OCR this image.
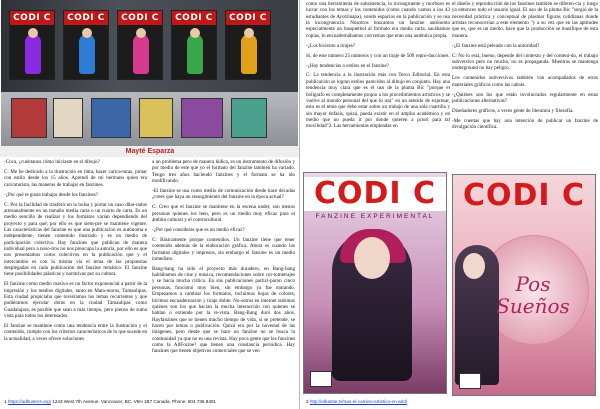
CODI C	CODI C	CODI C	CODI C	CODI C
Mayté Esparza

-Coca, ¿cuéntanos cómo iniciaste en el dibujo?

C: Me he dedicado a la ilustración en tinta, hacer carica-turas, pintar con estilo desde los 15 años. Aprendí de mi hermano quien era caricaturista, las maneras de trabajar en fanzines.

-¿Por qué te gusta trabajar desde los fanzines?

C: Por la facilidad de trasferir en la bolsa y portar un caso dibu-rados artesanalmente en un tamaño media carta o un cuarto de carta. Es un medio sencillo de realizar y los formatos varían dependiendo del proyecto y para qué; por ello es que siem-pre se mantiene vigente. Las características del fanzine es que una publicación es autónoma e independiente, tienen contenido ilustrado y es un medio de participación colectiva. Hay fanzines que publican de manera individual pero a noso-tros no nos preocupa la autoría, por ello es que nos presentamos como colectivos en la publicación que y el intercambio es con la misma vía el tema de las propuestas desplegadas en cada publicación del fanzine temático. El fanzine tiene posibilidades plásticas y narrativas por su cultura.

El fanzine como medio masivo es un factor exponencial a partir de la impresión y los medios digitales, tanto en Mata-moros, Tamaulipas. Esta ciudad propiciaba que tuviéramos los temas recurrentes y que pudiéramos ejecutar obras en la ciudad Tamaulipas como Guadalajara, es posible que sean a más tiempo, pero pienso de suma vista para todos los interesados.

El fanzine se mantiene como una tendencia entre la ilustración y el contenido, cumple con los criterios característicos de lo que sucede en la actualidad, a veces ofrece soluciones

a un problema pero de manera lúdica, es un instrumento de difusión y por medio de este que yo el formato del fanzine también ha variado. Tengo tres años haciendo fanzines y el formato se ha ido modificando.

-El fanzine se usa como medio de comunicación desde hace décadas ¿crees que haya un resurgimiento del fanzine en la época actual?

C: Creo que el fanzine se mantiene en la escena under, son menos personas quienes los leen, pero es un medio muy eficaz para el ámbito cultural y el contracultural.

-¿Por qué consideras que es un medio eficaz?

C: Básicamente porque contenidos. Un fanzine tiene que tener contenido además de la elaboración gráfica. Ahora es cuando los formatos digitales y impresos, sin embargo el fanzine es un medio inmediato.

Bang-bang ha sido el proyecto más duradero, en Bang-bang hablábamos de cine y música, recomendaciones sobre cor-tometrajes y se hacía mucha crítica. En sus publicaciones partici-paron cinco personas, funcionó muy bien, sin embargo ya fue mutando. Empezamos a cambiar los formatos, incluimos hojas de colores, hicimos encuadernación y tiraje doble. No-sotros en internet subimos quiénes son los que hacían la mucha interacción con quienes se hablan o extiende por la re-vista. Bang-Bang duró dos años. Hayfanzines que se tienen mucho tiempo de vida, si se pretende, se hacen por temas o publicación. Quizá era por la novedad de las imágenes, pero desde que se hace un fanzine no se busca la continuidad ya que no es una revista. Hay poca gente que les fanzines como la AllFozine? que tienen una constancia periódica. Hay fanzines que tienen objetivos comerciales que se ven

1 https://adbusters.org/ 1243 West 7th Avenue. Vancouver, BC. V6H 1B7 Canada. Phone: 604.736.9401

como una herramienta de subsistencia, lo incongruente y morboso es lucrar con los temas y los contenidos (como cuando vamos a los 43 estudiantes de Ayotzinapa), vendo espacios en la publicación y se usa la incongruencia. Nosotros buscamos un fanzine autónomo especialmente un basquetbol al formato era media carta, sacábamos copias, lo encuadernábamos con temas que eran una auténtica propia.

-¿Los hicieron a tirajes?

Sí, de este número 25 números y con un tiraje de 500 repro-ducciones.

-¿Hay tendencias o estilos en el fanzine?

C: La tendencia a la ilustración más con Terco Editorial. En esta publicación se logran estilos parecidos al dibujo en conjunto. Hay una tendencia muy clara que es el uso de la pluma Bic "porque el bolígrafo es completamente propio a los procedimientos artísticos y se vuelve al mundo personal del que lo usa" en un sentido de expresar, esto es el tema que debe estar sobre un trabajo de una sola cuartilla y sin mayor énfasis, quizá, pueda existir en el amplio académico y en medio que no pueda ir por donde quieren a priori para tal movilidad"2. Las herramientas empleadas en

el diseño y reproducción de los fanzines también se diferen-cia y luego ya entonces todo el usuario igual. El uso de la pluma Bic "surgió de la necesidad práctica y conceptual de plasmar figuras cotidianas donde artistas reconocerían a este elemento "y a su vez que en las aptitudes que es, que es un medio, hace que la producción se masifique de esta manera.

-¿El fanzine está peleado con la autoridad?

C: No lo está, bueno, depende del contexto y del conteni-do, el trabajo subversivo pero no mucho, no es propaganda. Mientras se mantenga underground no hay peligro.

Los contenidos subversivos también van acompañados de otros materiales gráficos como las cabras.

-¿Quiénes son los que están involucrados regularmente en estas publicaciones alternativas?

Diseñadores gráficos, a veces gente de literatura y filosofía.

-Me cuentas que hay una intención de publicar un fanzine de divulgación científica.

CODI C
FANZINE EXPERIMENTAL
CODI C
Pos Sueños
2 http://elbastar.tv/tras-el-camino-artistico-en-arid/
